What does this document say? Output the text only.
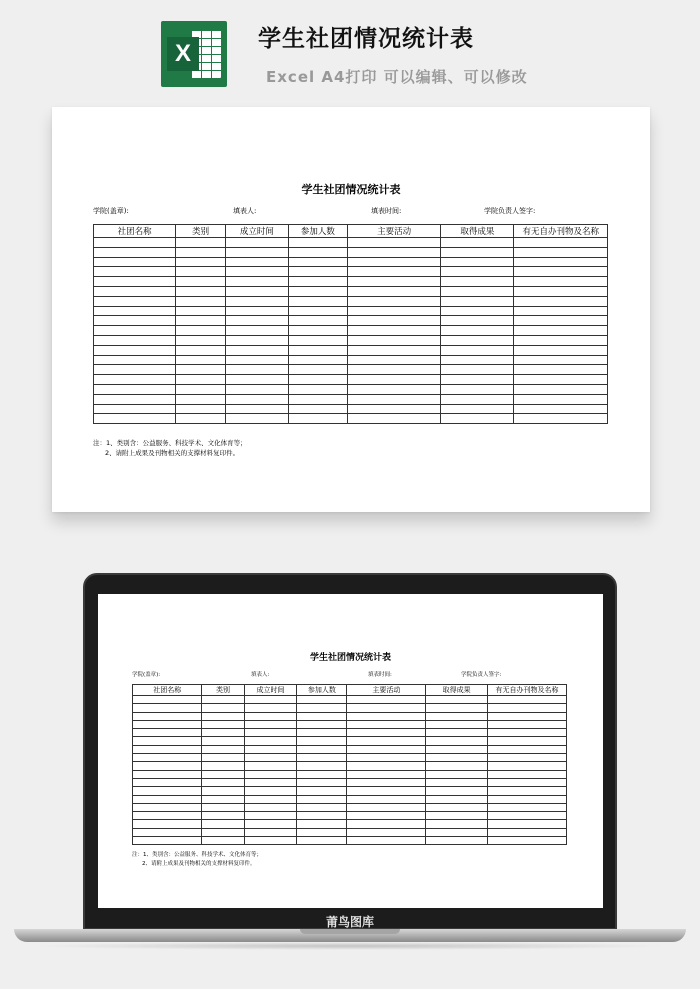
X
学生社团情况统计表
Excel A4打印 可以编辑、可以修改
学生社团情况统计表
学院(盖章):	填表人:	填表时间:	学院负责人签字:
社团名称	类别	成立时间	参加人数	主要活动	取得成果	有无自办刊物及名称

注：1、类别含：公益服务、科技学术、文化体育等；
2、请附上成果及刊物相关的支撑材料复印件。
学生社团情况统计表
学院(盖章):	填表人:	填表时间:	学院负责人签字:
社团名称	类别	成立时间	参加人数	主要活动	取得成果	有无自办刊物及名称

注：1、类别含：公益服务、科技学术、文化体育等；
2、请附上成果及刊物相关的支撑材料复印件。
莆鸟图库
